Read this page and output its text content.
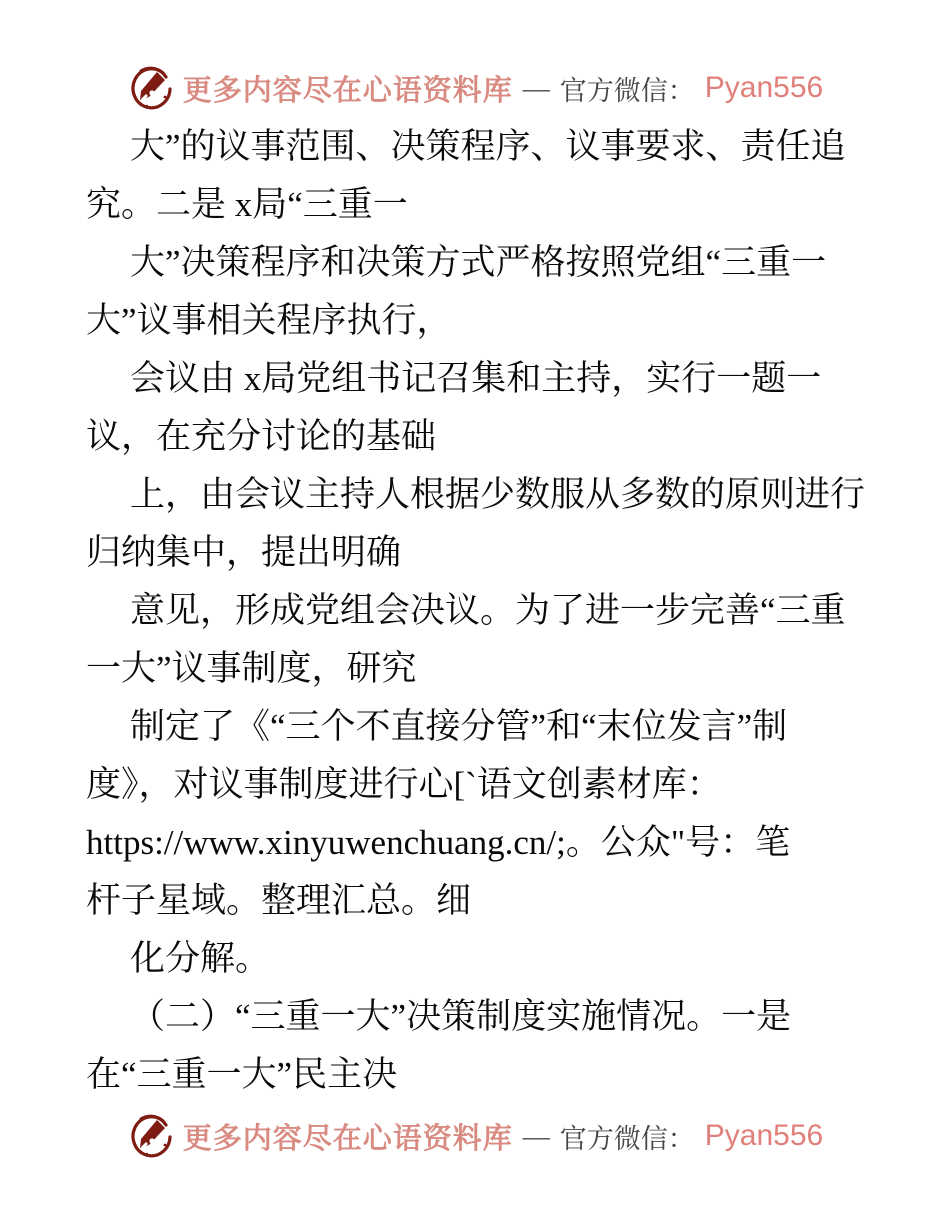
更多内容尽在心语资料库 — 官方微信： Pyan556
大”的议事范围、决策程序、议事要求、责任追
究。二是 x局“三重一
大”决策程序和决策方式严格按照党组“三重一
大”议事相关程序执行，
会议由 x局党组书记召集和主持，实行一题一
议，在充分讨论的基础
上，由会议主持人根据少数服从多数的原则进行
归纳集中，提出明确
意见，形成党组会决议。为了进一步完善“三重
一大”议事制度，研究
制定了《“三个不直接分管”和“末位发言”制
度》，对议事制度进行心[`语文创素材库：
https://www.xinyuwenchuang.cn/;。公众"号：笔
杆子星域。整理汇总。细
化分解。
（二）“三重一大”决策制度实施情况。一是
在“三重一大”民主决
更多内容尽在心语资料库 — 官方微信： Pyan556
